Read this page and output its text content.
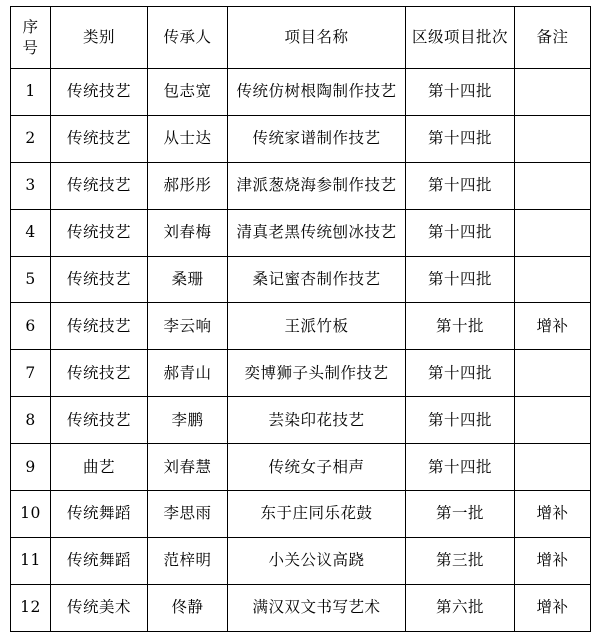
序号	类别	传承人	项目名称	区级项目批次	备注
1	传统技艺	包志宽	传统仿树根陶制作技艺	第十四批	
2	传统技艺	从士达	传统家谱制作技艺	第十四批	
3	传统技艺	郝彤彤	津派葱烧海参制作技艺	第十四批	
4	传统技艺	刘春梅	清真老黑传统刨冰技艺	第十四批	
5	传统技艺	桑珊	桑记蜜杏制作技艺	第十四批	
6	传统技艺	李云响	王派竹板	第十批	增补
7	传统技艺	郝青山	奕博狮子头制作技艺	第十四批	
8	传统技艺	李鹏	芸染印花技艺	第十四批	
9	曲艺	刘春慧	传统女子相声	第十四批	
10	传统舞蹈	李思雨	东于庄同乐花鼓	第一批	增补
11	传统舞蹈	范梓明	小关公议高跷	第三批	增补
12	传统美术	佟静	满汉双文书写艺术	第六批	增补
